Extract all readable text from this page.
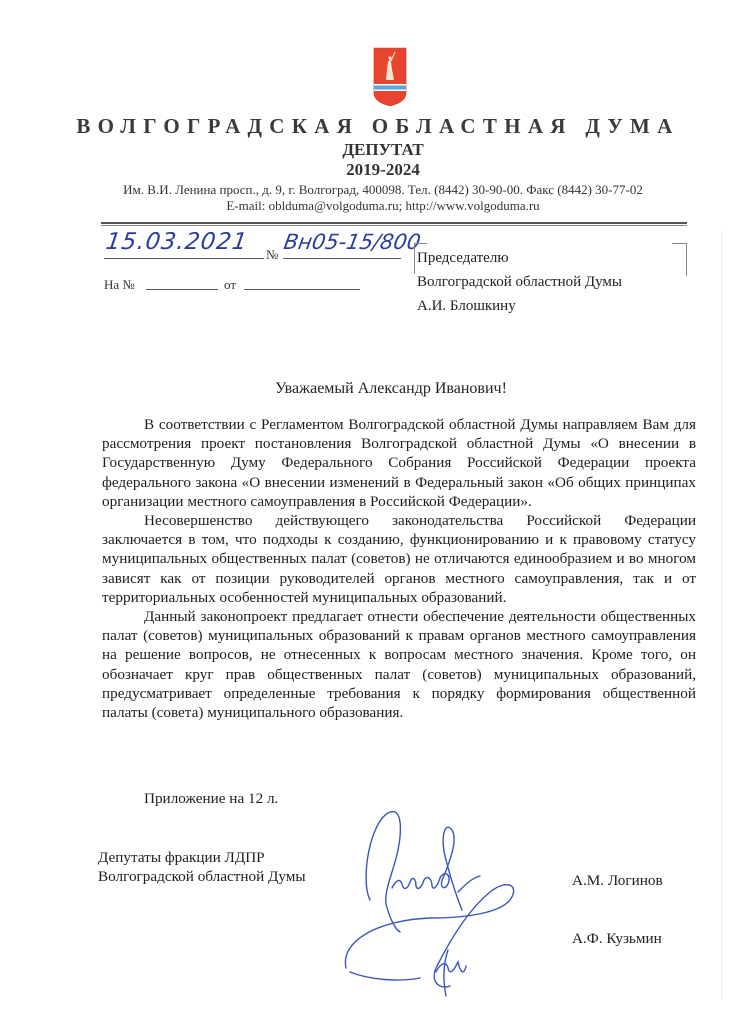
ВОЛГОГРАДСКАЯ ОБЛАСТНАЯ ДУМА
ДЕПУТАТ
2019-2024
Им. В.И. Ленина просп., д. 9, г. Волгоград, 400098. Тел. (8442) 30-90-00. Факс (8442) 30-77-02
E-mail: oblduma@volgoduma.ru; http://www.volgoduma.ru
15.03.2021 №
Вн05-15/800
На №	от
Председателю
Волгоградской областной Думы
А.И. Блошкину
Уважаемый Александр Иванович!

В соответствии с Регламентом Волгоградской областной Думы направляем Вам для рассмотрения проект постановления Волгоградской областной Думы «О внесении в Государственную Думу Федерального Собрания Российской Федерации проекта федерального закона «О внесении изменений в Федеральный закон «Об общих принципах организации местного самоуправления в Российской Федерации».

Несовершенство действующего законодательства Российской Федерации заключается в том, что подходы к созданию, функционированию и к правовому статусу муниципальных общественных палат (советов) не отличаются единообразием и во многом зависят как от позиции руководителей органов местного самоуправления, так и от территориальных особенностей муниципальных образований.

Данный законопроект предлагает отнести обеспечение деятельности общественных палат (советов) муниципальных образований к правам органов местного самоуправления на решение вопросов, не отнесенных к вопросам местного значения. Кроме того, он обозначает круг прав общественных палат (советов) муниципальных образований, предусматривает определенные требования к порядку формирования общественной палаты (совета) муниципального образования.

Приложение на 12 л.
Депутаты фракции ЛДПР
Волгоградской областной Думы	А.М. Логинов
А.Ф. Кузьмин
